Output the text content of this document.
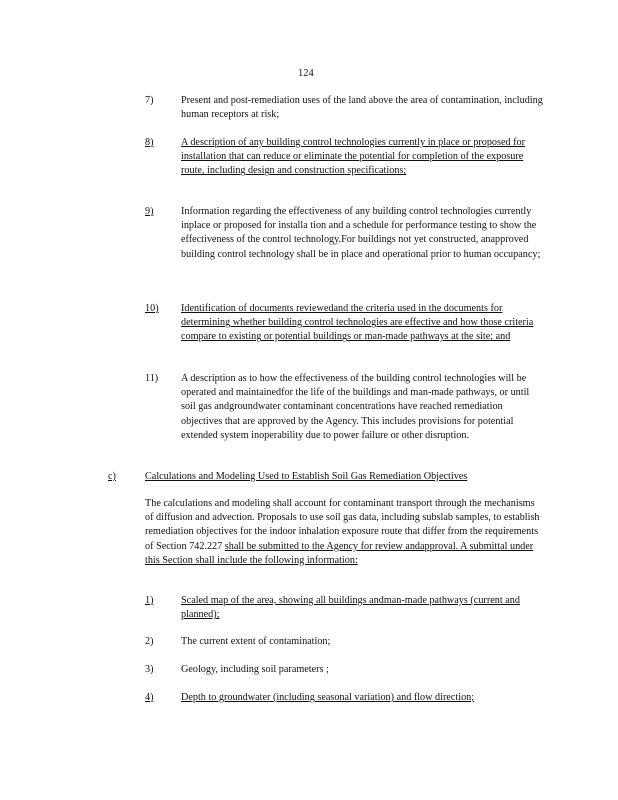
124
7)	Present and post-remediation uses of the land above the area of contamination, including human receptors at risk;
8)	A description of any building control technologies currently in place or proposed for installation that can reduce or eliminate the potential for completion of the exposure route, including design and construction specifications;
9)	Information regarding the effectiveness of any building control technologies currently inplace or proposed for installa tion and a schedule for performance testing to show the effectiveness of the control technology.For buildings not yet constructed, anapproved building control technology shall be in place and operational prior to human occupancy;
10)	Identification of documents reviewedand the criteria used in the documents for determining whether building control technologies are effective and how those criteria compare to existing or potential buildings or man-made pathways at the site; and
11)	A description as to how the effectiveness of the building control technologies will be operated and maintainedfor the life of the buildings and man-made pathways, or until soil gas andgroundwater contaminant concentrations have reached remediation objectives that are approved by the Agency. This includes provisions for potential extended system inoperability due to power failure or other disruption.
c)	Calculations and Modeling Used to Establish Soil Gas Remediation Objectives
The calculations and modeling shall account for contaminant transport through the mechanisms of diffusion and advection. Proposals to use soil gas data, including subslab samples, to establish remediation objectives for the indoor inhalation exposure route that differ from the requirements of Section 742.227 shall be submitted to the Agency for review andapproval. A submittal under this Section shall include the following information:
1)	Scaled map of the area, showing all buildings andman-made pathways (current and planned);
2)	The current extent of contamination;
3)	Geology, including soil parameters ;
4)	Depth to groundwater (including seasonal variation) and flow direction;
